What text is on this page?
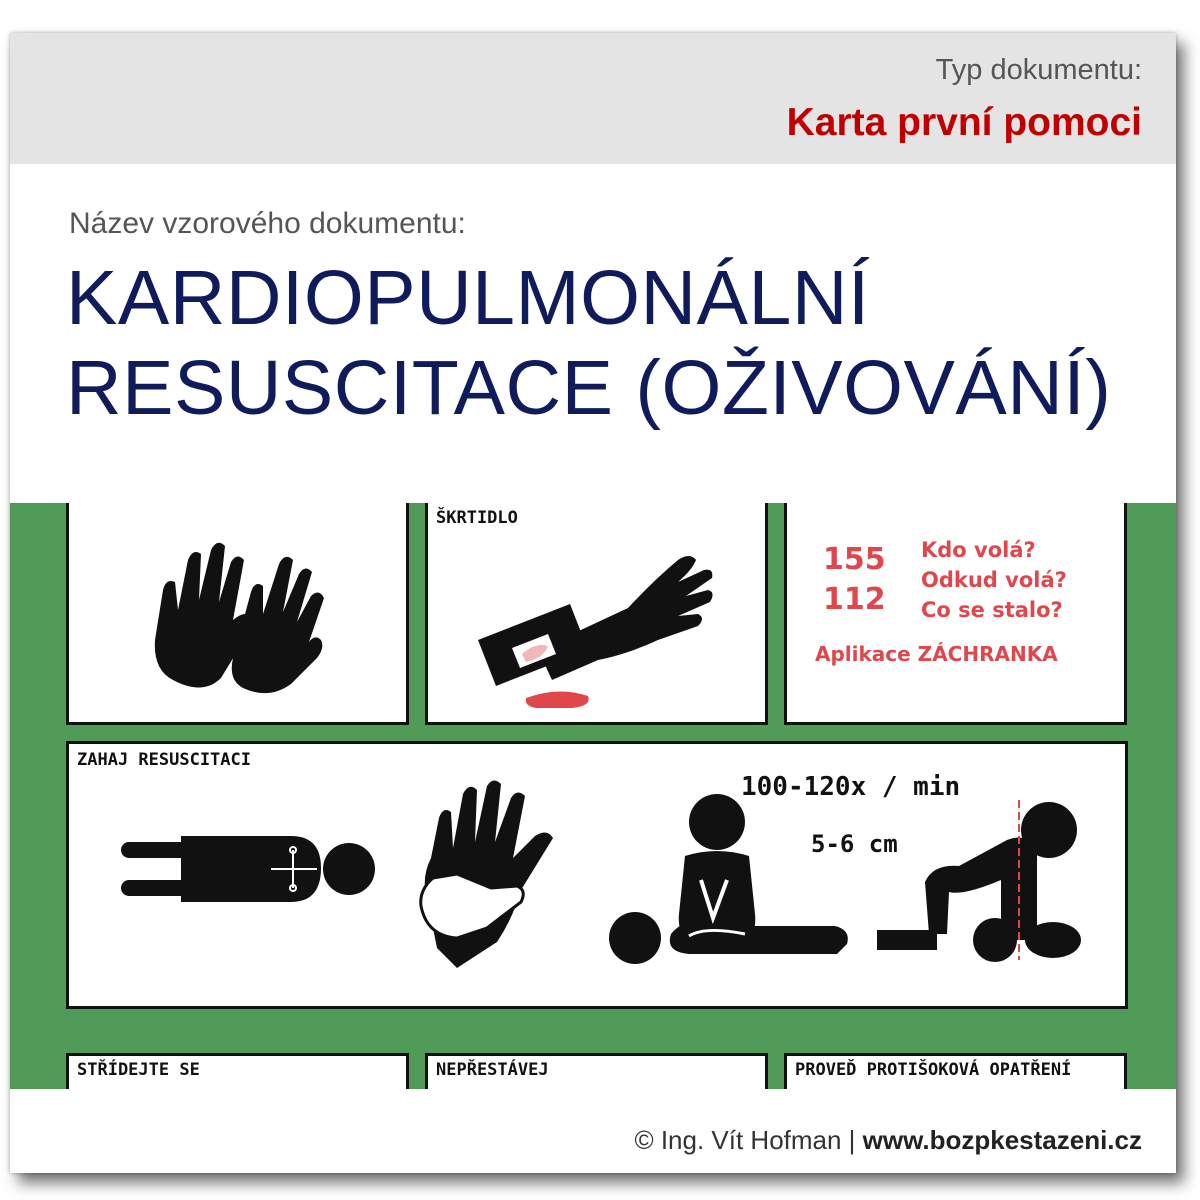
Typ dokumentu:
Karta první pomoci
Název vzorového dokumentu:
KARDIOPULMONÁLNÍ
RESUSCITACE (OŽIVOVÁNÍ)
ŠKRTIDLO
155
112
Kdo volá?
Odkud volá?
Co se stalo?
Aplikace ZÁCHRANKA
ZAHAJ RESUSCITACI
100-120x / min
5-6 cm
STŘÍDEJTE SE	NEPŘESTÁVEJ	PROVEĎ PROTIŠOKOVÁ OPATŘENÍ
© Ing. Vít Hofman | www.bozpkestazeni.cz
